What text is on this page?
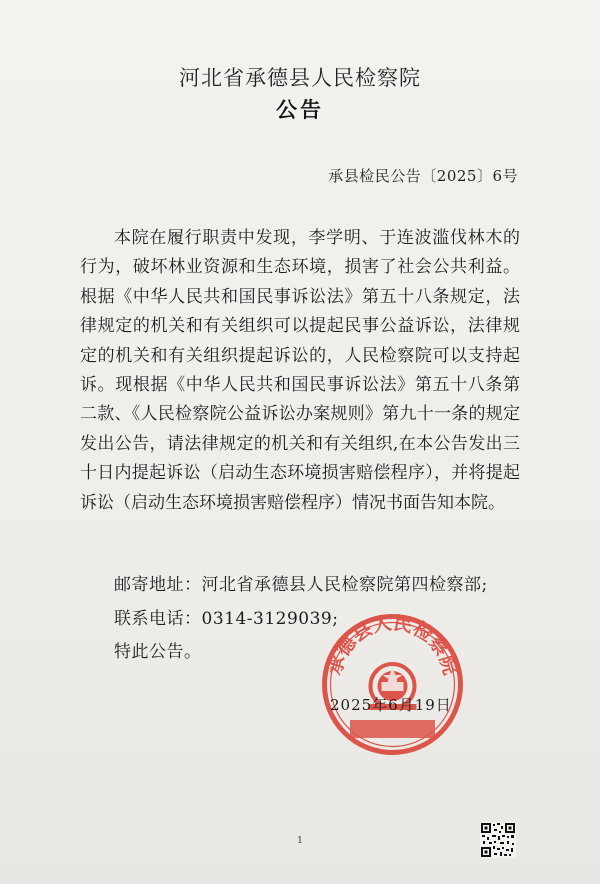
河北省承德县人民检察院
公告
承县检民公告〔2025〕6号

本院在履行职责中发现，李学明、于连波滥伐林木的行为，破坏林业资源和生态环境，损害了社会公共利益。根据《中华人民共和国民事诉讼法》第五十八条规定，法律规定的机关和有关组织可以提起民事公益诉讼，法律规定的机关和有关组织提起诉讼的，人民检察院可以支持起诉。现根据《中华人民共和国民事诉讼法》第五十八条第二款、《人民检察院公益诉讼办案规则》第九十一条的规定发出公告，请法律规定的机关和有关组织,在本公告发出三十日内提起诉讼（启动生态环境损害赔偿程序），并将提起诉讼（启动生态环境损害赔偿程序）情况书面告知本院。

邮寄地址：河北省承德县人民检察院第四检察部;
联系电话：0314-3129039;
特此公告。
承德县人民检察院
2025年6月19日
1
